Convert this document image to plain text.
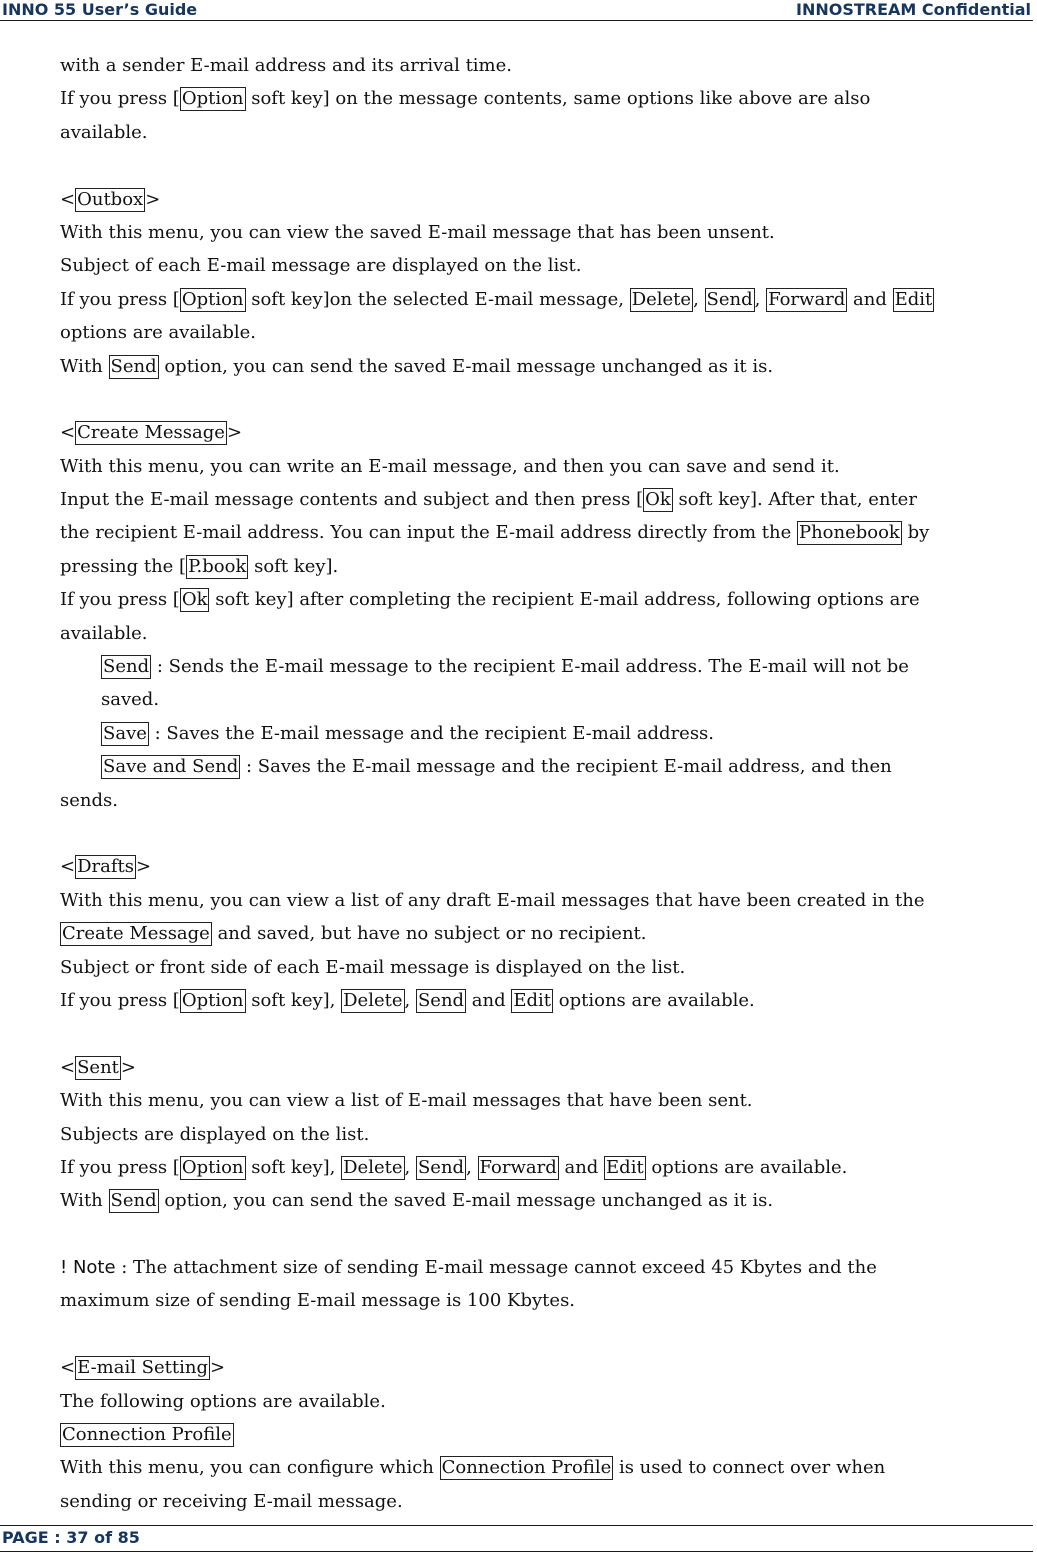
INNO 55 User’s Guide	INNOSTREAM Confidential
with a sender E-mail address and its arrival time.
If you press [ Option soft key] on the message contents, same options like above are also
available.
< Outbox >
With this menu, you can view the saved E-mail message that has been unsent.
Subject of each E-mail message are displayed on the list.
If you press [ Option soft key]on the selected E-mail message, Delete , Send , Forward and Edit
options are available.
With Send option, you can send the saved E-mail message unchanged as it is.
< Create Message >
With this menu, you can write an E-mail message, and then you can save and send it.
Input the E-mail message contents and subject and then press [ Ok soft key]. After that, enter
the recipient E-mail address. You can input the E-mail address directly from the Phonebook by
pressing the [ P.book soft key].
If you press [ Ok soft key] after completing the recipient E-mail address, following options are
available.
Send : Sends the E-mail message to the recipient E-mail address. The E-mail will not be
saved.
Save : Saves the E-mail message and the recipient E-mail address.
Save and Send : Saves the E-mail message and the recipient E-mail address, and then
sends.
< Drafts >
With this menu, you can view a list of any draft E-mail messages that have been created in the
Create Message and saved, but have no subject or no recipient.
Subject or front side of each E-mail message is displayed on the list.
If you press [ Option soft key], Delete , Send and Edit options are available.
< Sent >
With this menu, you can view a list of E-mail messages that have been sent.
Subjects are displayed on the list.
If you press [ Option soft key], Delete , Send , Forward and Edit options are available.
With Send option, you can send the saved E-mail message unchanged as it is.
! Note : The attachment size of sending E-mail message cannot exceed 45 Kbytes and the
maximum size of sending E-mail message is 100 Kbytes.
< E-mail Setting >
The following options are available.
Connection Profile
With this menu, you can configure which Connection Profile is used to connect over when
sending or receiving E-mail message.
PAGE : 37 of 85
